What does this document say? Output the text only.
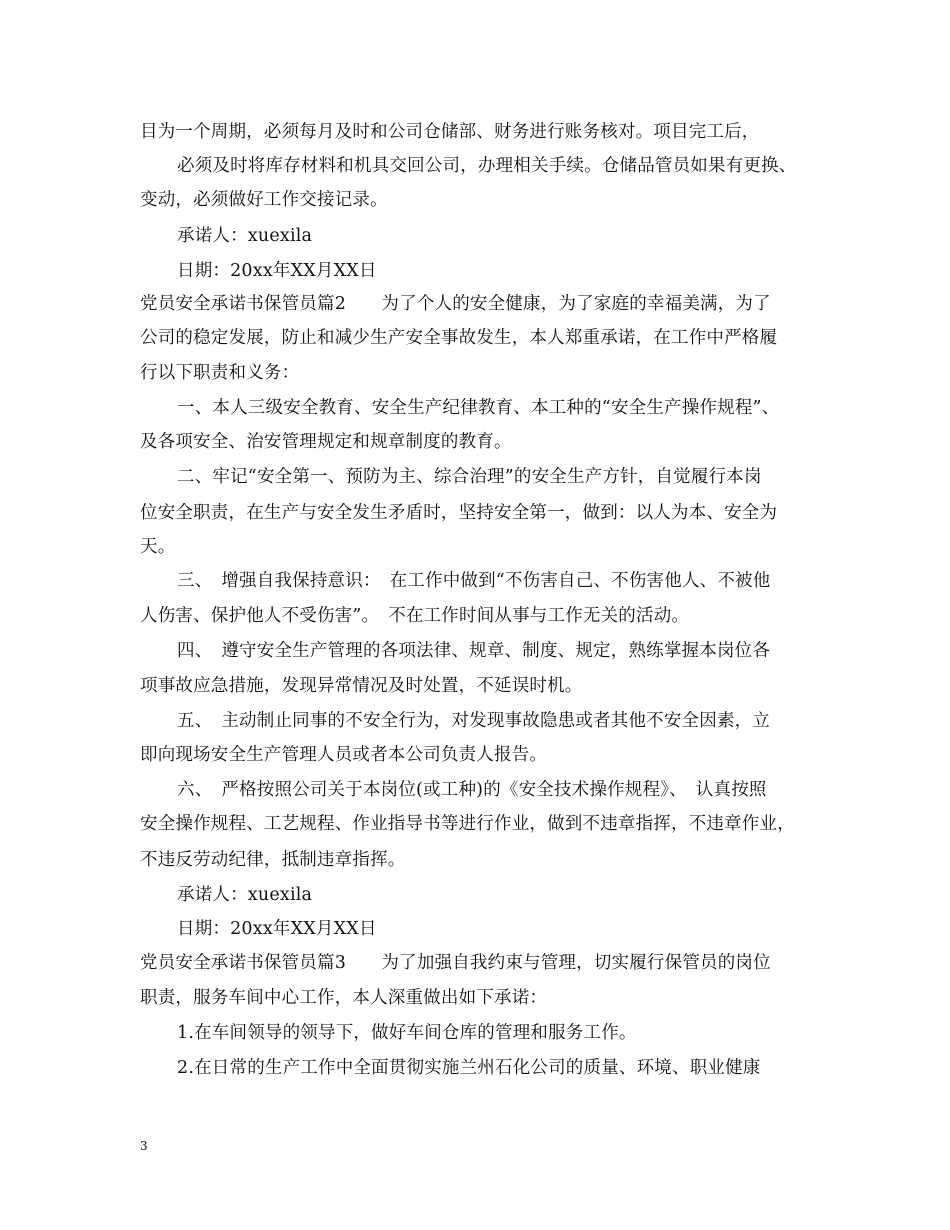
目为一个周期，必须每月及时和公司仓储部、财务进行账务核对。项目完工后，
必须及时将库存材料和机具交回公司，办理相关手续。仓储品管员如果有更换、
变动，必须做好工作交接记录。
承诺人：xuexila
日期：20xx年XX月XX日
党员安全承诺书保管员篇2　　为了个人的安全健康，为了家庭的幸福美满，为了
公司的稳定发展，防止和减少生产安全事故发生，本人郑重承诺，在工作中严格履
行以下职责和义务：
一、本人三级安全教育、安全生产纪律教育、本工种的“安全生产操作规程”、
及各项安全、治安管理规定和规章制度的教育。
二、牢记“安全第一、预防为主、综合治理”的安全生产方针，自觉履行本岗
位安全职责，在生产与安全发生矛盾时，坚持安全第一，做到：以人为本、安全为
天。
三、　增强自我保持意识：　在工作中做到“不伤害自己、不伤害他人、不被他
人伤害、保护他人不受伤害”。　不在工作时间从事与工作无关的活动。
四、　遵守安全生产管理的各项法律、规章、制度、规定，熟练掌握本岗位各
项事故应急措施，发现异常情况及时处置，不延误时机。
五、　主动制止同事的不安全行为，对发现事故隐患或者其他不安全因素，立
即向现场安全生产管理人员或者本公司负责人报告。
六、　严格按照公司关于本岗位(或工种)的《安全技术操作规程》、　认真按照
安全操作规程、工艺规程、作业指导书等进行作业，做到不违章指挥，不违章作业，
不违反劳动纪律，抵制违章指挥。
承诺人：xuexila
日期：20xx年XX月XX日
党员安全承诺书保管员篇3　　为了加强自我约束与管理，切实履行保管员的岗位
职责，服务车间中心工作，本人深重做出如下承诺：
1.在车间领导的领导下，做好车间仓库的管理和服务工作。
2.在日常的生产工作中全面贯彻实施兰州石化公司的质量、环境、职业健康
3
